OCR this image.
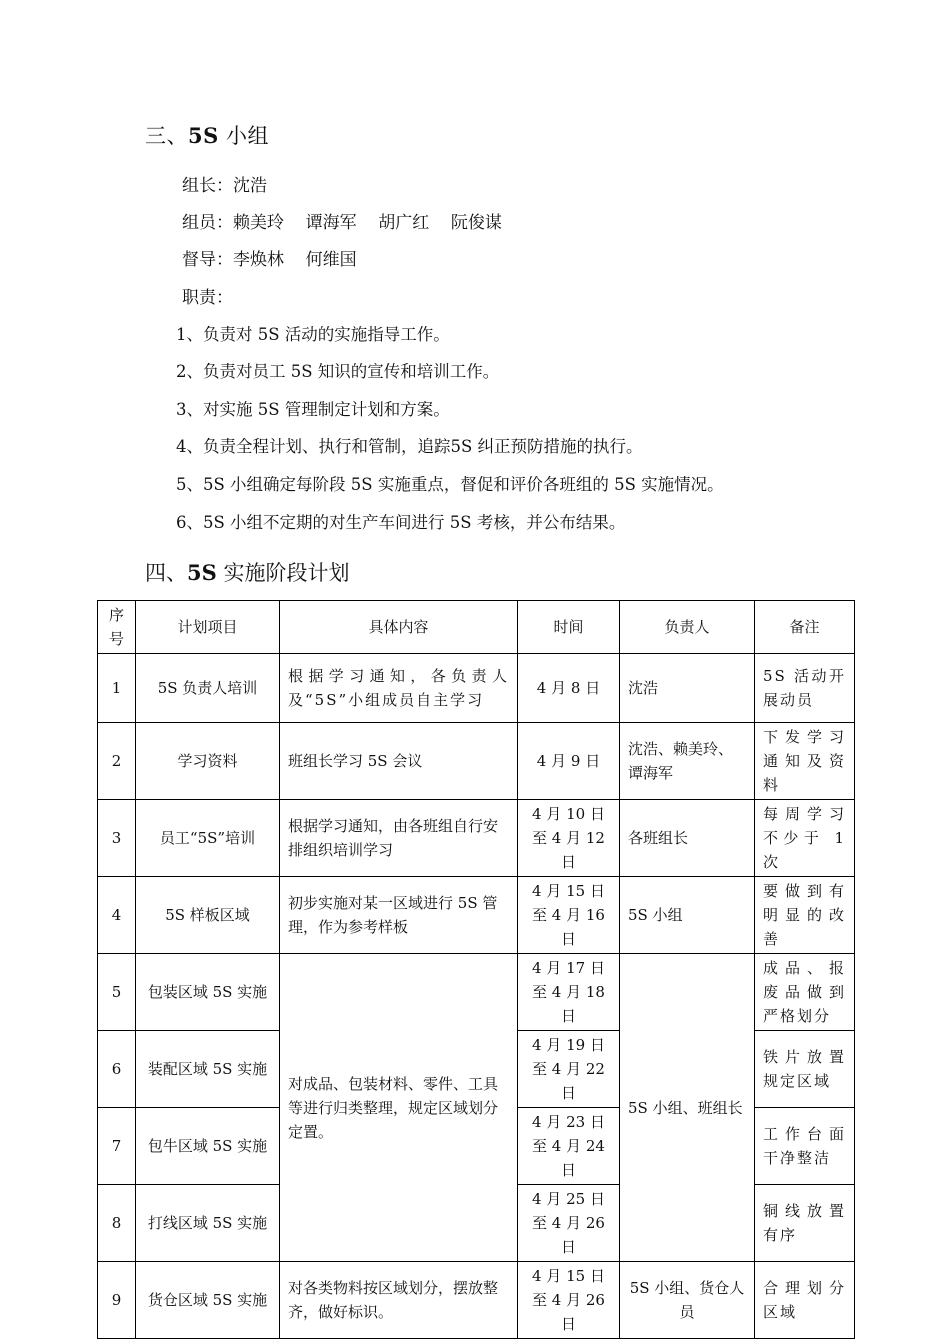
三、5S 小组
组长：沈浩
组员：赖美玲    谭海军    胡广红    阮俊谋
督导：李焕林    何维国
职责：
1、负责对 5S 活动的实施指导工作。
2、负责对员工 5S 知识的宣传和培训工作。
3、对实施 5S 管理制定计划和方案。
4、负责全程计划、执行和管制，追踪5S 纠正预防措施的执行。
5、5S 小组确定每阶段 5S 实施重点，督促和评价各班组的 5S 实施情况。
6、5S 小组不定期的对生产车间进行 5S 考核，并公布结果。
四、5S 实施阶段计划
序号	计划项目	具体内容	时间	负责人	备注
1	5S 负责人培训	根据学习通知，各负责人及“5S”小组成员自主学习	4 月 8 日	沈浩	5S 活动开展动员
2	学习资料	班组长学习 5S 会议	4 月 9 日	沈浩、赖美玲、谭海军	下发学习通知及资料
3	员工“5S”培训	根据学习通知，由各班组自行安排组织培训学习	4 月 10 日至 4 月 12 日	各班组长	每周学习不少于 1 次
4	5S 样板区域	初步实施对某一区域进行 5S 管理，作为参考样板	4 月 15 日至 4 月 16 日	5S 小组	要做到有明显的改善
5	包装区域 5S 实施	对成品、包装材料、零件、工具等进行归类整理，规定区域划分定置。	4 月 17 日至 4 月 18 日	5S 小组、班组长	成品、报废品做到严格划分
6	装配区域 5S 实施		4 月 19 日至 4 月 22 日		铁片放置规定区域
7	包牛区域 5S 实施		4 月 23 日至 4 月 24 日		工作台面干净整洁
8	打线区域 5S 实施		4 月 25 日至 4 月 26 日		铜线放置有序
9	货仓区域 5S 实施	对各类物料按区域划分，摆放整齐，做好标识。	4 月 15 日至 4 月 26 日	5S 小组、货仓人员	合理划分区域
